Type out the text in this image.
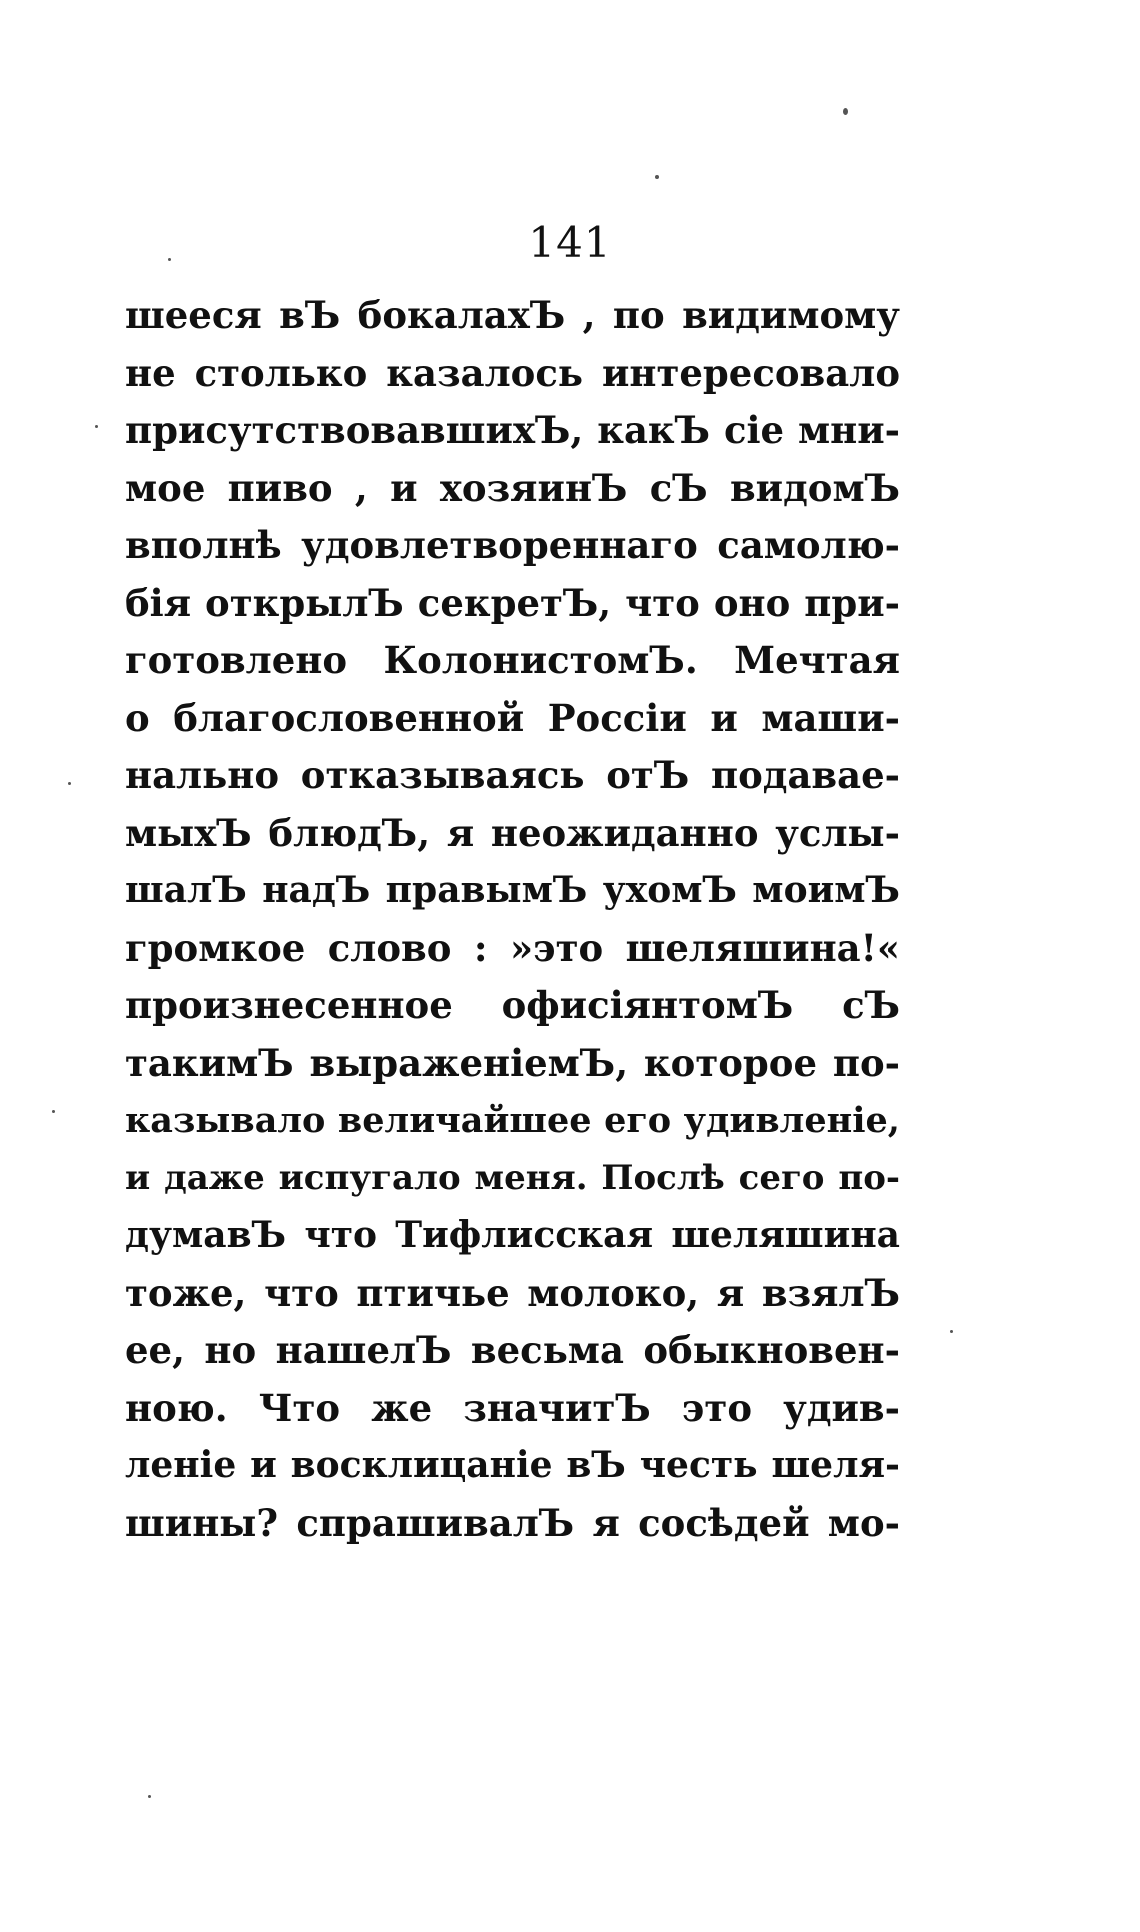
141
шееся вЪ бокалахЪ , по видимому
не столько казалось интересовало
присутствовавшихЪ, какЪ сіе мни-
мое пиво , и хозяинЪ сЪ видомЪ
вполнѣ удовлетвореннаго самолю-
бія открылЪ секретЪ, что оно при-
готовлено КолонистомЪ. Мечтая
о благословенной Россіи и маши-
нально отказываясь отЪ подавае-
мыхЪ блюдЪ, я неожиданно услы-
шалЪ надЪ правымЪ ухомЪ моимЪ
громкое слово : »это шеляшина!«
произнесенное офисіянтомЪ сЪ
такимЪ выраженіемЪ, которое по-
казывало величайшее его удивленіе,
и даже испугало меня. Послѣ сего по-
думавЪ что Тифлисская шеляшина
тоже, что птичье молоко, я взялЪ
ее, но нашелЪ весьма обыкновен-
ною. Что же значитЪ это удив-
леніе и восклицаніе вЪ честь шеля-
шины? спрашивалЪ я сосѣдей мо-
